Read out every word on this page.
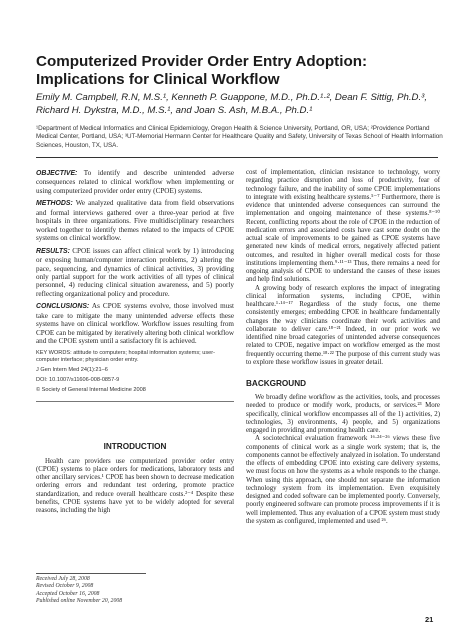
Computerized Provider Order Entry Adoption: Implications for Clinical Workflow
Emily M. Campbell, R.N, M.S.¹, Kenneth P. Guappone, M.D., Ph.D.¹·², Dean F. Sittig, Ph.D.³, Richard H. Dykstra, M.D., M.S.¹, and Joan S. Ash, M.B.A., Ph.D.¹
¹Department of Medical Informatics and Clinical Epidemiology, Oregon Health & Science University, Portland, OR, USA; ²Providence Portland Medical Center, Portland, USA; ³UT-Memorial Hermann Center for Healthcare Quality and Safety, University of Texas School of Health Information Sciences, Houston, TX, USA.

OBJECTIVE: To identify and describe unintended adverse consequences related to clinical workflow when implementing or using computerized provider order entry (CPOE) systems.

METHODS: We analyzed qualitative data from field observations and formal interviews gathered over a three-year period at five hospitals in three organizations. Five multidisciplinary researchers worked together to identify themes related to the impacts of CPOE systems on clinical workflow.

RESULTS: CPOE issues can affect clinical work by 1) introducing or exposing human/computer interaction problems, 2) altering the pace, sequencing, and dynamics of clinical activities, 3) providing only partial support for the work activities of all types of clinical personnel, 4) reducing clinical situation awareness, and 5) poorly reflecting organizational policy and procedure.

CONCLUSIONS: As CPOE systems evolve, those involved must take care to mitigate the many unintended adverse effects these systems have on clinical workflow. Workflow issues resulting from CPOE can be mitigated by iteratively altering both clinical workflow and the CPOE system until a satisfactory fit is achieved.

KEY WORDS: attitude to computers; hospital information systems; user-computer interface; physician order entry.
J Gen Intern Med 24(1):21–6
DOI: 10.1007/s11606-008-0857-9
© Society of General Internal Medicine 2008
INTRODUCTION

Health care providers use computerized provider order entry (CPOE) systems to place orders for medications, laboratory tests and other ancillary services.¹ CPOE has been shown to decrease medication ordering errors and redundant test ordering, promote practice standardization, and reduce overall healthcare costs.²⁻⁴ Despite these benefits, CPOE systems have yet to be widely adopted for several reasons, including the high

Received July 28, 2008
Revised October 9, 2008
Accepted October 16, 2008
Published online November 20, 2008

cost of implementation, clinician resistance to technology, worry regarding practice disruption and loss of productivity, fear of technology failure, and the inability of some CPOE implementations to integrate with existing healthcare systems.⁵⁻⁷ Furthermore, there is evidence that unintended adverse consequences can surround the implementation and ongoing maintenance of these systems.⁸⁻¹⁰ Recent, conflicting reports about the role of CPOE in the reduction of medication errors and associated costs have cast some doubt on the actual scale of improvements to be gained as CPOE systems have generated new kinds of medical errors, negatively affected patient outcomes, and resulted in higher overall medical costs for those institutions implementing them.⁹·¹¹⁻¹³ Thus, there remains a need for ongoing analysis of CPOE to understand the causes of these issues and help find solutions.

A growing body of research explores the impact of integrating clinical information systems, including CPOE, within healthcare.¹·¹⁴⁻¹⁷ Regardless of the study focus, one theme consistently emerges; embedding CPOE in healthcare fundamentally changes the way clinicians coordinate their work activities and collaborate to deliver care.¹⁸⁻²¹ Indeed, in our prior work we identified nine broad categories of unintended adverse consequences related to CPOE, negative impact on workflow emerged as the most frequently occurring theme.¹⁸·²² The purpose of this current study was to explore these workflow issues in greater detail.

BACKGROUND

We broadly define workflow as the activities, tools, and processes needed to produce or modify work, products, or services.²³ More specifically, clinical workflow encompasses all of the 1) activities, 2) technologies, 3) environments, 4) people, and 5) organizations engaged in providing and promoting health care.

A sociotechnical evaluation framework ¹⁶·²⁴⁻²⁶ views these five components of clinical work as a single work system; that is, the components cannot be effectively analyzed in isolation. To understand the effects of embedding CPOE into existing care delivery systems, we must focus on how the systems as a whole responds to the change. When using this approach, one should not separate the information technology system from its implementation. Even exquisitely designed and coded software can be implemented poorly. Conversely, poorly engineered software can promote process improvements if it is well implemented. Thus any evaluation of a CPOE system must study the system as configured, implemented and used ²⁶.

21
